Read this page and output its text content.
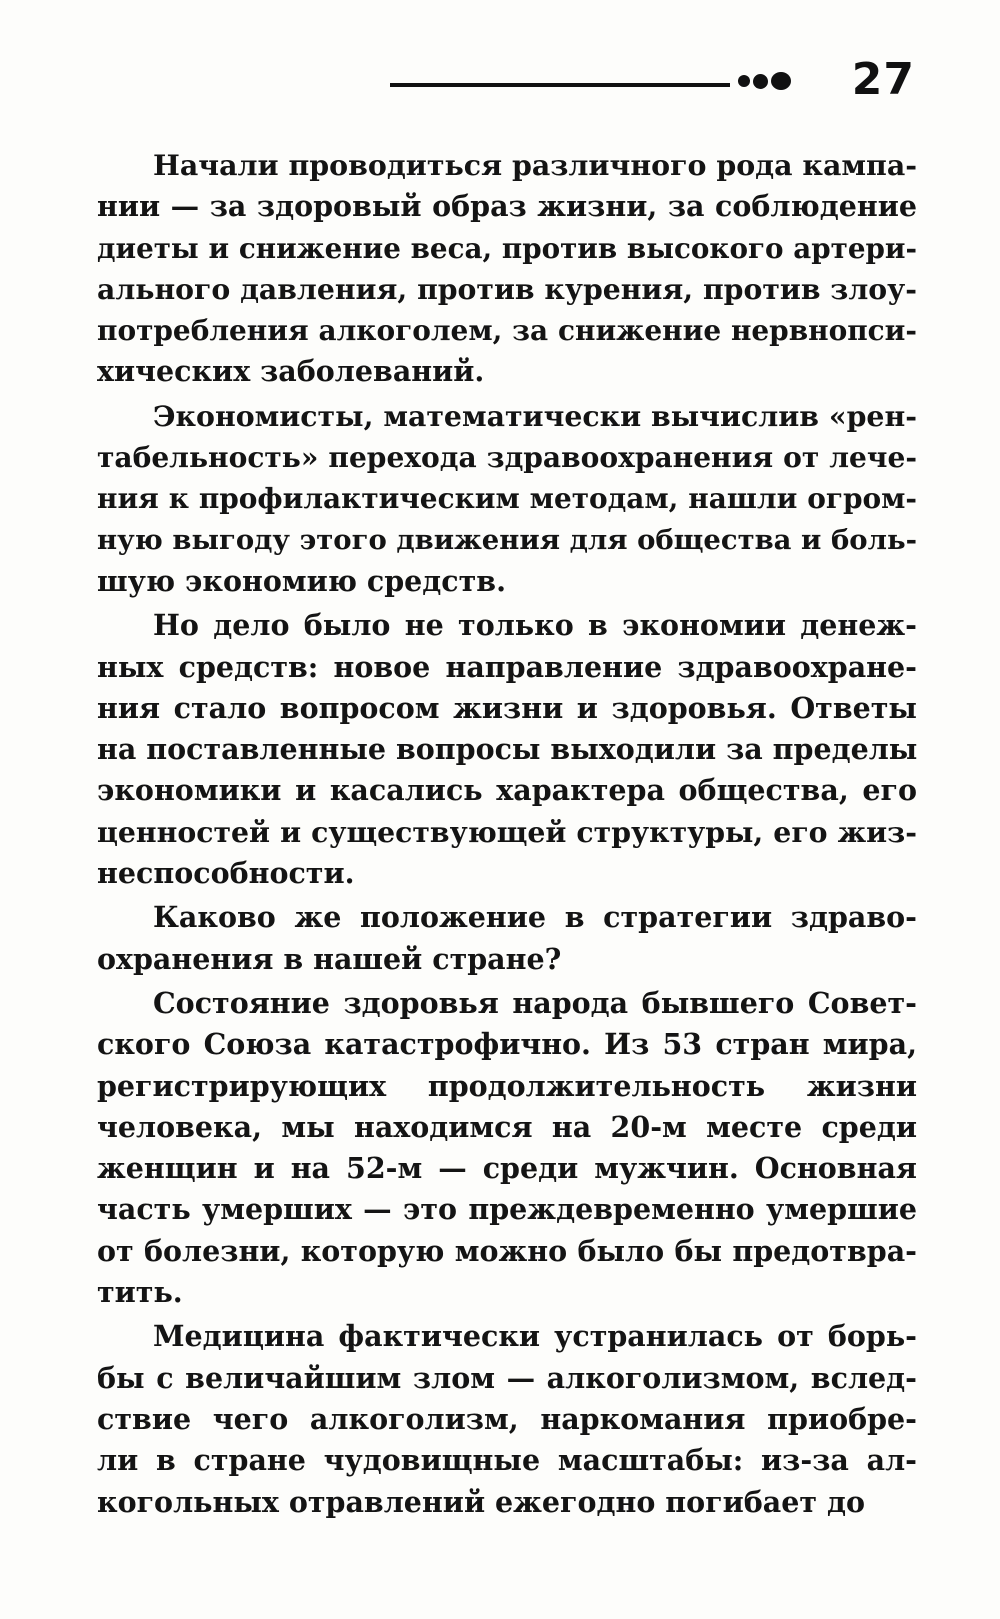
27
Начали проводиться различного рода кампа-
нии — за здоровый образ жизни, за соблюдение
диеты и снижение веса, против высокого артери-
ального давления, против курения, против злоу-
потребления алкоголем, за снижение нервнопси-
хических заболеваний.
Экономисты, математически вычислив «рен-
табельность» перехода здравоохранения от лече-
ния к профилактическим методам, нашли огром-
ную выгоду этого движения для общества и боль-
шую экономию средств.
Но дело было не только в экономии денеж-
ных средств: новое направление здравоохране-
ния стало вопросом жизни и здоровья. Ответы
на поставленные вопросы выходили за пределы
экономики и касались характера общества, его
ценностей и существующей структуры, его жиз-
неспособности.
Каково же положение в стратегии здраво-
охранения в нашей стране?
Состояние здоровья народа бывшего Совет-
ского Союза катастрофично. Из 53 стран мира,
регистрирующих продолжительность жизни
человека, мы находимся на 20-м месте среди
женщин и на 52-м — среди мужчин. Основная
часть умерших — это преждевременно умершие
от болезни, которую можно было бы предотвра-
тить.
Медицина фактически устранилась от борь-
бы с величайшим злом — алкоголизмом, вслед-
ствие чего алкоголизм, наркомания приобре-
ли в стране чудовищные масштабы: из-за ал-
когольных отравлений ежегодно погибает до
